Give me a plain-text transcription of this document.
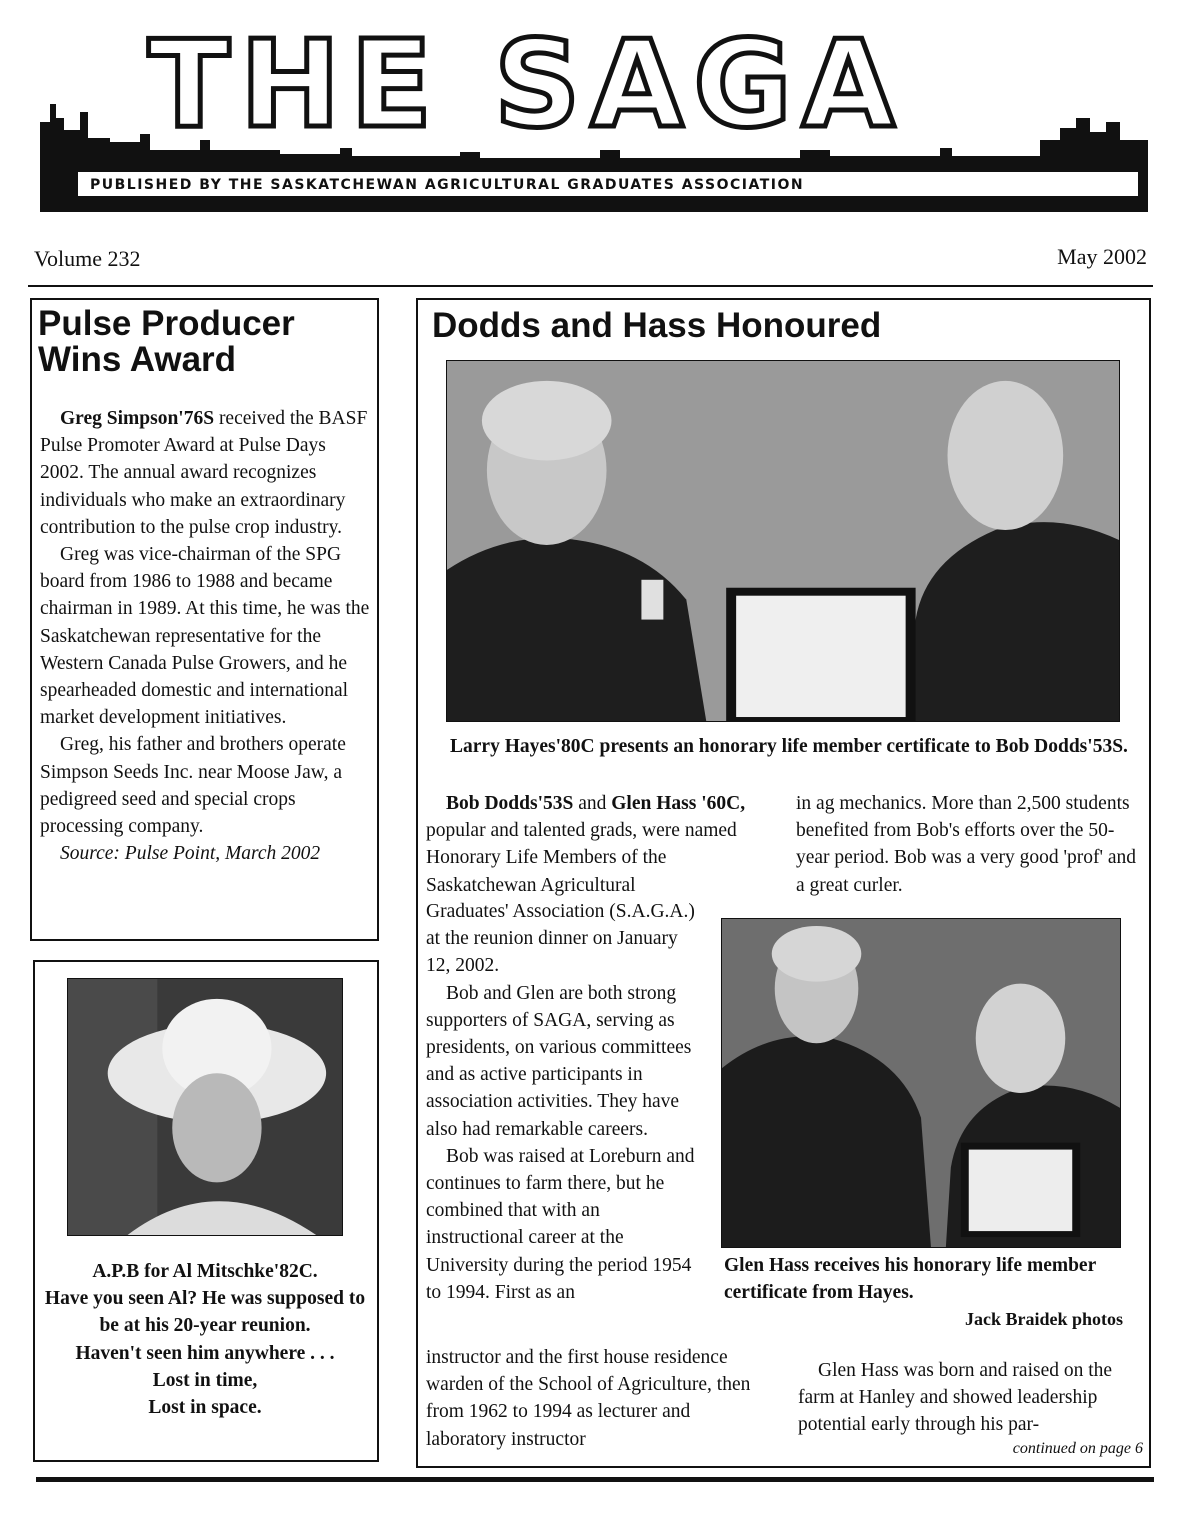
THE SAGA
PUBLISHED BY THE SASKATCHEWAN AGRICULTURAL GRADUATES ASSOCIATION
Volume 232	May 2002
Pulse Producer Wins Award

Greg Simpson'76S received the BASF Pulse Promoter Award at Pulse Days 2002. The annual award recognizes individuals who make an extraordinary contribution to the pulse crop industry.

Greg was vice-chairman of the SPG board from 1986 to 1988 and became chairman in 1989. At this time, he was the Saskatchewan representative for the Western Canada Pulse Growers, and he spearheaded domestic and international market development initiatives.

Greg, his father and brothers operate Simpson Seeds Inc. near Moose Jaw, a pedigreed seed and special crops processing company.

Source: Pulse Point, March 2002

A.P.B for Al Mitschke'82C.
Have you seen Al? He was supposed to be at his 20-year reunion.
Haven't seen him anywhere . . .
Lost in time,
Lost in space.
Dodds and Hass Honoured
Larry Hayes'80C presents an honorary life member certificate to Bob Dodds'53S.

Bob Dodds'53S and Glen Hass '60C, popular and talented grads, were named Honorary Life Members of the Saskatchewan Agricultural

in ag mechanics. More than 2,500 students benefited from Bob's efforts over the 50-year period. Bob was a very good 'prof' and a great curler.

Graduates' Association (S.A.G.A.) at the reunion dinner on January 12, 2002.

Bob and Glen are both strong supporters of SAGA, serving as presidents, on various committees and as active participants in association activities. They have also had remarkable careers.

Bob was raised at Loreburn and continues to farm there, but he combined that with an instructional career at the University during the period 1954 to 1994. First as an

instructor and the first house residence warden of the School of Agriculture, then from 1962 to 1994 as lecturer and laboratory instructor

Glen Hass receives his honorary life member certificate from Hayes.
Jack Braidek photos

Glen Hass was born and raised on the farm at Hanley and showed leadership potential early through his par-

continued on page 6
